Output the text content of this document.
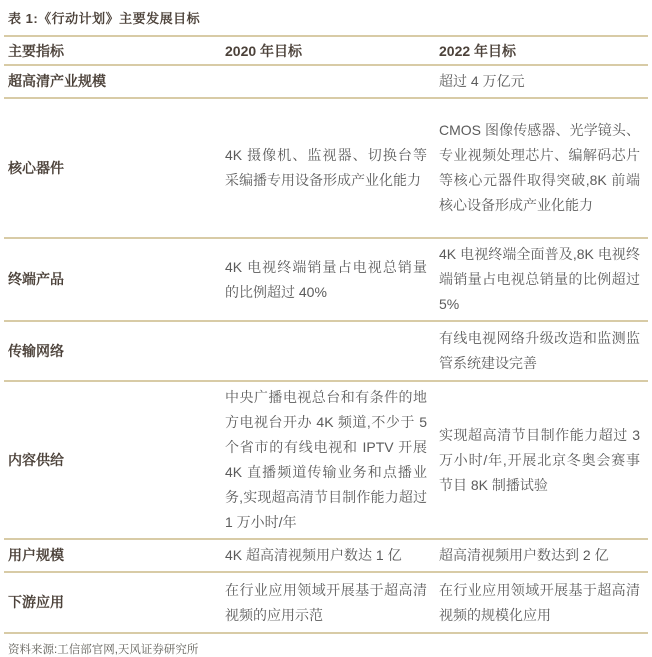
表 1:《行动计划》主要发展目标
主要指标	2020 年目标	2022 年目标
超高清产业规模		超过 4 万亿元
核心器件	4K 摄像机、监视器、切换台等采编播专用设备形成产业化能力	CMOS 图像传感器、光学镜头、专业视频处理芯片、编解码芯片等核心元器件取得突破,8K 前端核心设备形成产业化能力
终端产品	4K 电视终端销量占电视总销量的比例超过 40%	4K 电视终端全面普及,8K 电视终端销量占电视总销量的比例超过 5%
传输网络		有线电视网络升级改造和监测监管系统建设完善
内容供给	中央广播电视总台和有条件的地方电视台开办 4K 频道,不少于 5 个省市的有线电视和 IPTV 开展 4K 直播频道传输业务和点播业务,实现超高清节目制作能力超过 1 万小时/年	实现超高清节目制作能力超过 3 万小时/年,开展北京冬奥会赛事节目 8K 制播试验
用户规模	4K 超高清视频用户数达 1 亿	超高清视频用户数达到 2 亿
下游应用	在行业应用领域开展基于超高清视频的应用示范	在行业应用领域开展基于超高清视频的规模化应用
资料来源:工信部官网,天风证券研究所
